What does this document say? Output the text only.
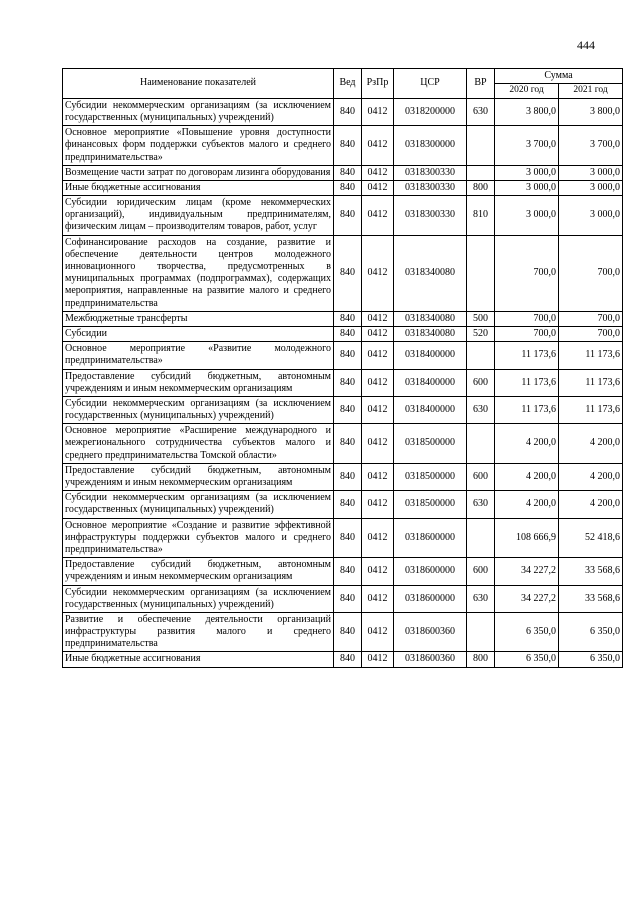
444
Наименование показателей	Вед	РзПр	ЦСР	ВР	Сумма	
					2020 год	2021 год
Субсидии некоммерческим организациям (за исключением государственных (муниципальных) учреждений)	840	0412	0318200000	630	3 800,0	3 800,0
Основное мероприятие «Повышение уровня доступности финансовых форм поддержки субъектов малого и среднего предпринимательства»	840	0412	0318300000		3 700,0	3 700,0
Возмещение части затрат по договорам лизинга оборудования	840	0412	0318300330		3 000,0	3 000,0
Иные бюджетные ассигнования	840	0412	0318300330	800	3 000,0	3 000,0
Субсидии юридическим лицам (кроме некоммерческих организаций), индивидуальным предпринимателям, физическим лицам – производителям товаров, работ, услуг	840	0412	0318300330	810	3 000,0	3 000,0
Софинансирование расходов на создание, развитие и обеспечение деятельности центров молодежного инновационного творчества, предусмотренных в муниципальных программах (подпрограммах), содержащих мероприятия, направленные на развитие малого и среднего предпринимательства	840	0412	0318340080		700,0	700,0
Межбюджетные трансферты	840	0412	0318340080	500	700,0	700,0
Субсидии	840	0412	0318340080	520	700,0	700,0
Основное мероприятие «Развитие молодежного предпринимательства»	840	0412	0318400000		11 173,6	11 173,6
Предоставление субсидий бюджетным, автономным учреждениям и иным некоммерческим организациям	840	0412	0318400000	600	11 173,6	11 173,6
Субсидии некоммерческим организациям (за исключением государственных (муниципальных) учреждений)	840	0412	0318400000	630	11 173,6	11 173,6
Основное мероприятие «Расширение международного и межрегионального сотрудничества субъектов малого и среднего предпринимательства Томской области»	840	0412	0318500000		4 200,0	4 200,0
Предоставление субсидий бюджетным, автономным учреждениям и иным некоммерческим организациям	840	0412	0318500000	600	4 200,0	4 200,0
Субсидии некоммерческим организациям (за исключением государственных (муниципальных) учреждений)	840	0412	0318500000	630	4 200,0	4 200,0
Основное мероприятие «Создание и развитие эффективной инфраструктуры поддержки субъектов малого и среднего предпринимательства»	840	0412	0318600000		108 666,9	52 418,6
Предоставление субсидий бюджетным, автономным учреждениям и иным некоммерческим организациям	840	0412	0318600000	600	34 227,2	33 568,6
Субсидии некоммерческим организациям (за исключением государственных (муниципальных) учреждений)	840	0412	0318600000	630	34 227,2	33 568,6
Развитие и обеспечение деятельности организаций инфраструктуры развития малого и среднего предпринимательства	840	0412	0318600360		6 350,0	6 350,0
Иные бюджетные ассигнования	840	0412	0318600360	800	6 350,0	6 350,0
